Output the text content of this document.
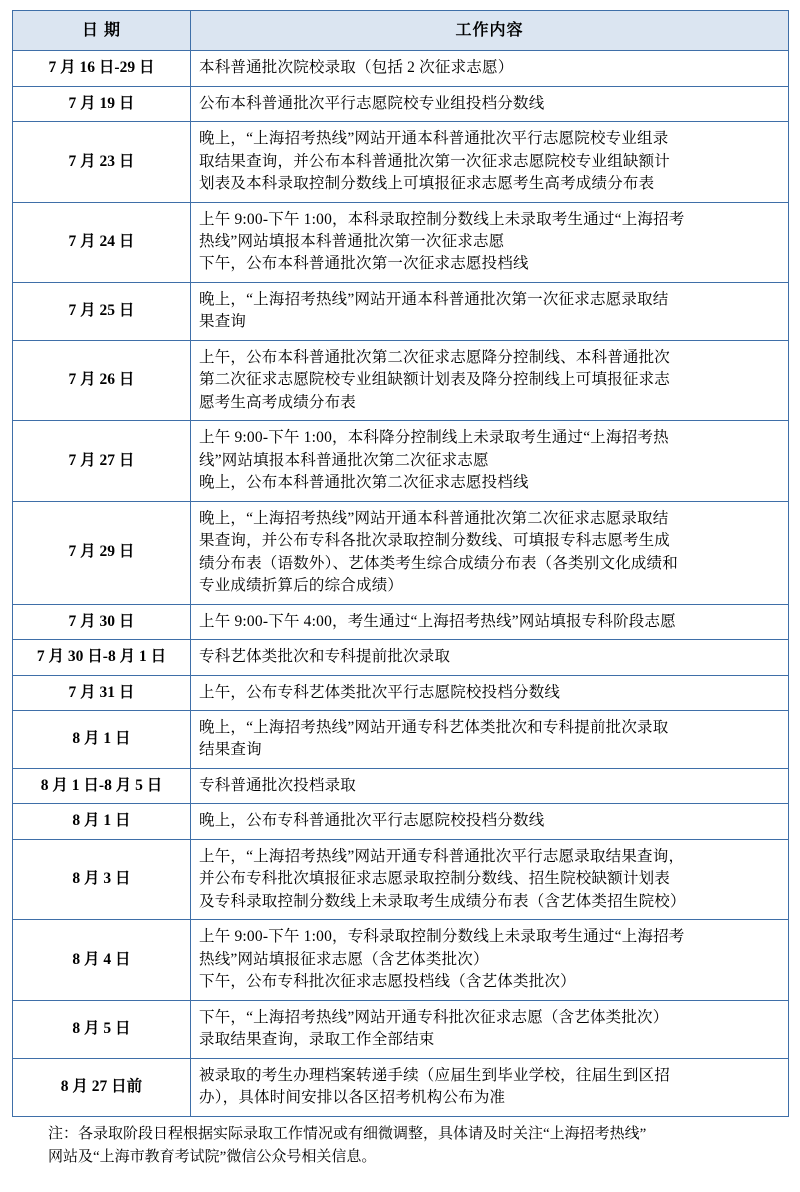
日 期	工作内容
7 月 16 日-29 日	本科普通批次院校录取（包括 2 次征求志愿）

7 月 19 日	公布本科普通批次平行志愿院校专业组投档分数线

7 月 23 日	晚上，“上海招考热线”网站开通本科普通批次平行志愿院校专业组录
取结果查询，并公布本科普通批次第一次征求志愿院校专业组缺额计
划表及本科录取控制分数线上可填报征求志愿考生高考成绩分布表

7 月 24 日	上午 9:00-下午 1:00，本科录取控制分数线上未录取考生通过“上海招考
热线”网站填报本科普通批次第一次征求志愿
下午，公布本科普通批次第一次征求志愿投档线

7 月 25 日	晚上，“上海招考热线”网站开通本科普通批次第一次征求志愿录取结
果查询

7 月 26 日	上午，公布本科普通批次第二次征求志愿降分控制线、本科普通批次
第二次征求志愿院校专业组缺额计划表及降分控制线上可填报征求志
愿考生高考成绩分布表

7 月 27 日	上午 9:00-下午 1:00，本科降分控制线上未录取考生通过“上海招考热
线”网站填报本科普通批次第二次征求志愿
晚上，公布本科普通批次第二次征求志愿投档线

7 月 29 日	晚上，“上海招考热线”网站开通本科普通批次第二次征求志愿录取结
果查询，并公布专科各批次录取控制分数线、可填报专科志愿考生成
绩分布表（语数外）、艺体类考生综合成绩分布表（各类别文化成绩和
专业成绩折算后的综合成绩）

7 月 30 日	上午 9:00-下午 4:00，考生通过“上海招考热线”网站填报专科阶段志愿

7 月 30 日-8 月 1 日	专科艺体类批次和专科提前批次录取

7 月 31 日	上午，公布专科艺体类批次平行志愿院校投档分数线

8 月 1 日	晚上，“上海招考热线”网站开通专科艺体类批次和专科提前批次录取
结果查询

8 月 1 日-8 月 5 日	专科普通批次投档录取

8 月 1 日	晚上，公布专科普通批次平行志愿院校投档分数线

8 月 3 日	上午，“上海招考热线”网站开通专科普通批次平行志愿录取结果查询，
并公布专科批次填报征求志愿录取控制分数线、招生院校缺额计划表
及专科录取控制分数线上未录取考生成绩分布表（含艺体类招生院校）

8 月 4 日	上午 9:00-下午 1:00，专科录取控制分数线上未录取考生通过“上海招考
热线”网站填报征求志愿（含艺体类批次）
下午，公布专科批次征求志愿投档线（含艺体类批次）

8 月 5 日	下午，“上海招考热线”网站开通专科批次征求志愿（含艺体类批次）
录取结果查询，录取工作全部结束

8 月 27 日前	被录取的考生办理档案转递手续（应届生到毕业学校，往届生到区招
办），具体时间安排以各区招考机构公布为准
注：各录取阶段日程根据实际录取工作情况或有细微调整，具体请及时关注“上海招考热线”
网站及“上海市教育考试院”微信公众号相关信息。
